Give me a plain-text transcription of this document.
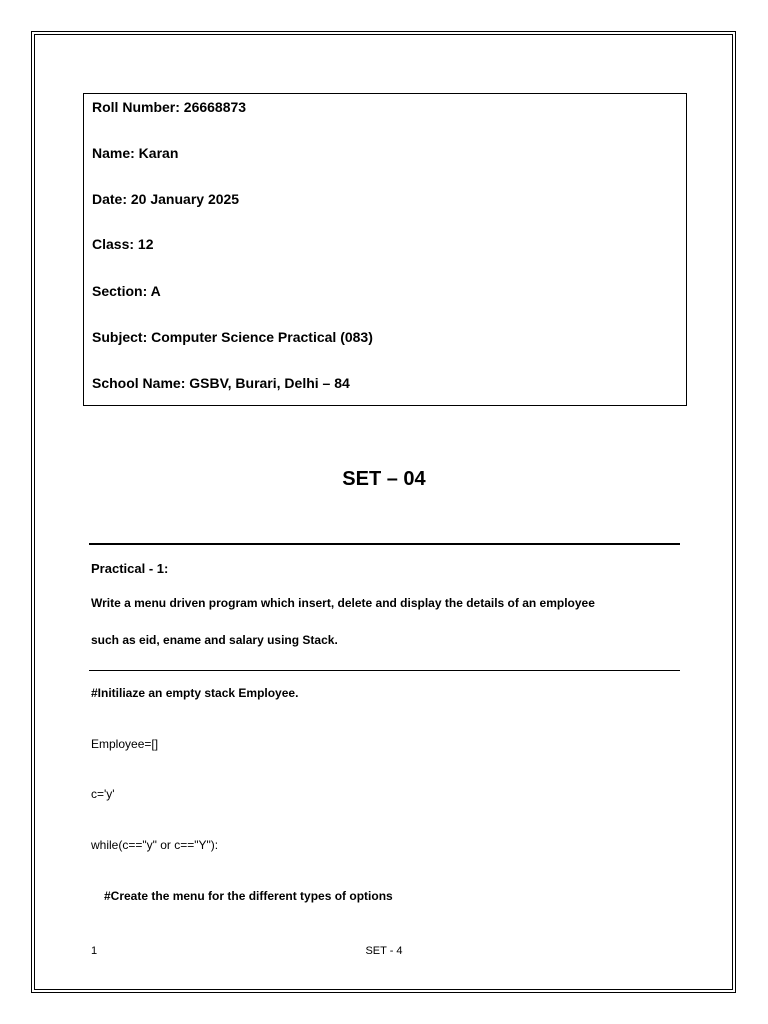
Roll Number: 26668873
Name: Karan
Date: 20 January 2025
Class: 12
Section: A
Subject: Computer Science Practical (083)
School Name: GSBV, Burari, Delhi – 84
SET – 04
Practical - 1:
Write a menu driven program which insert, delete and display the details of an employee
such as eid, ename and salary using Stack.
#Initiliaze an empty stack Employee.
Employee=[]
c='y'
while(c=="y" or c=="Y"):
#Create the menu for the different types of options
1	SET - 4
